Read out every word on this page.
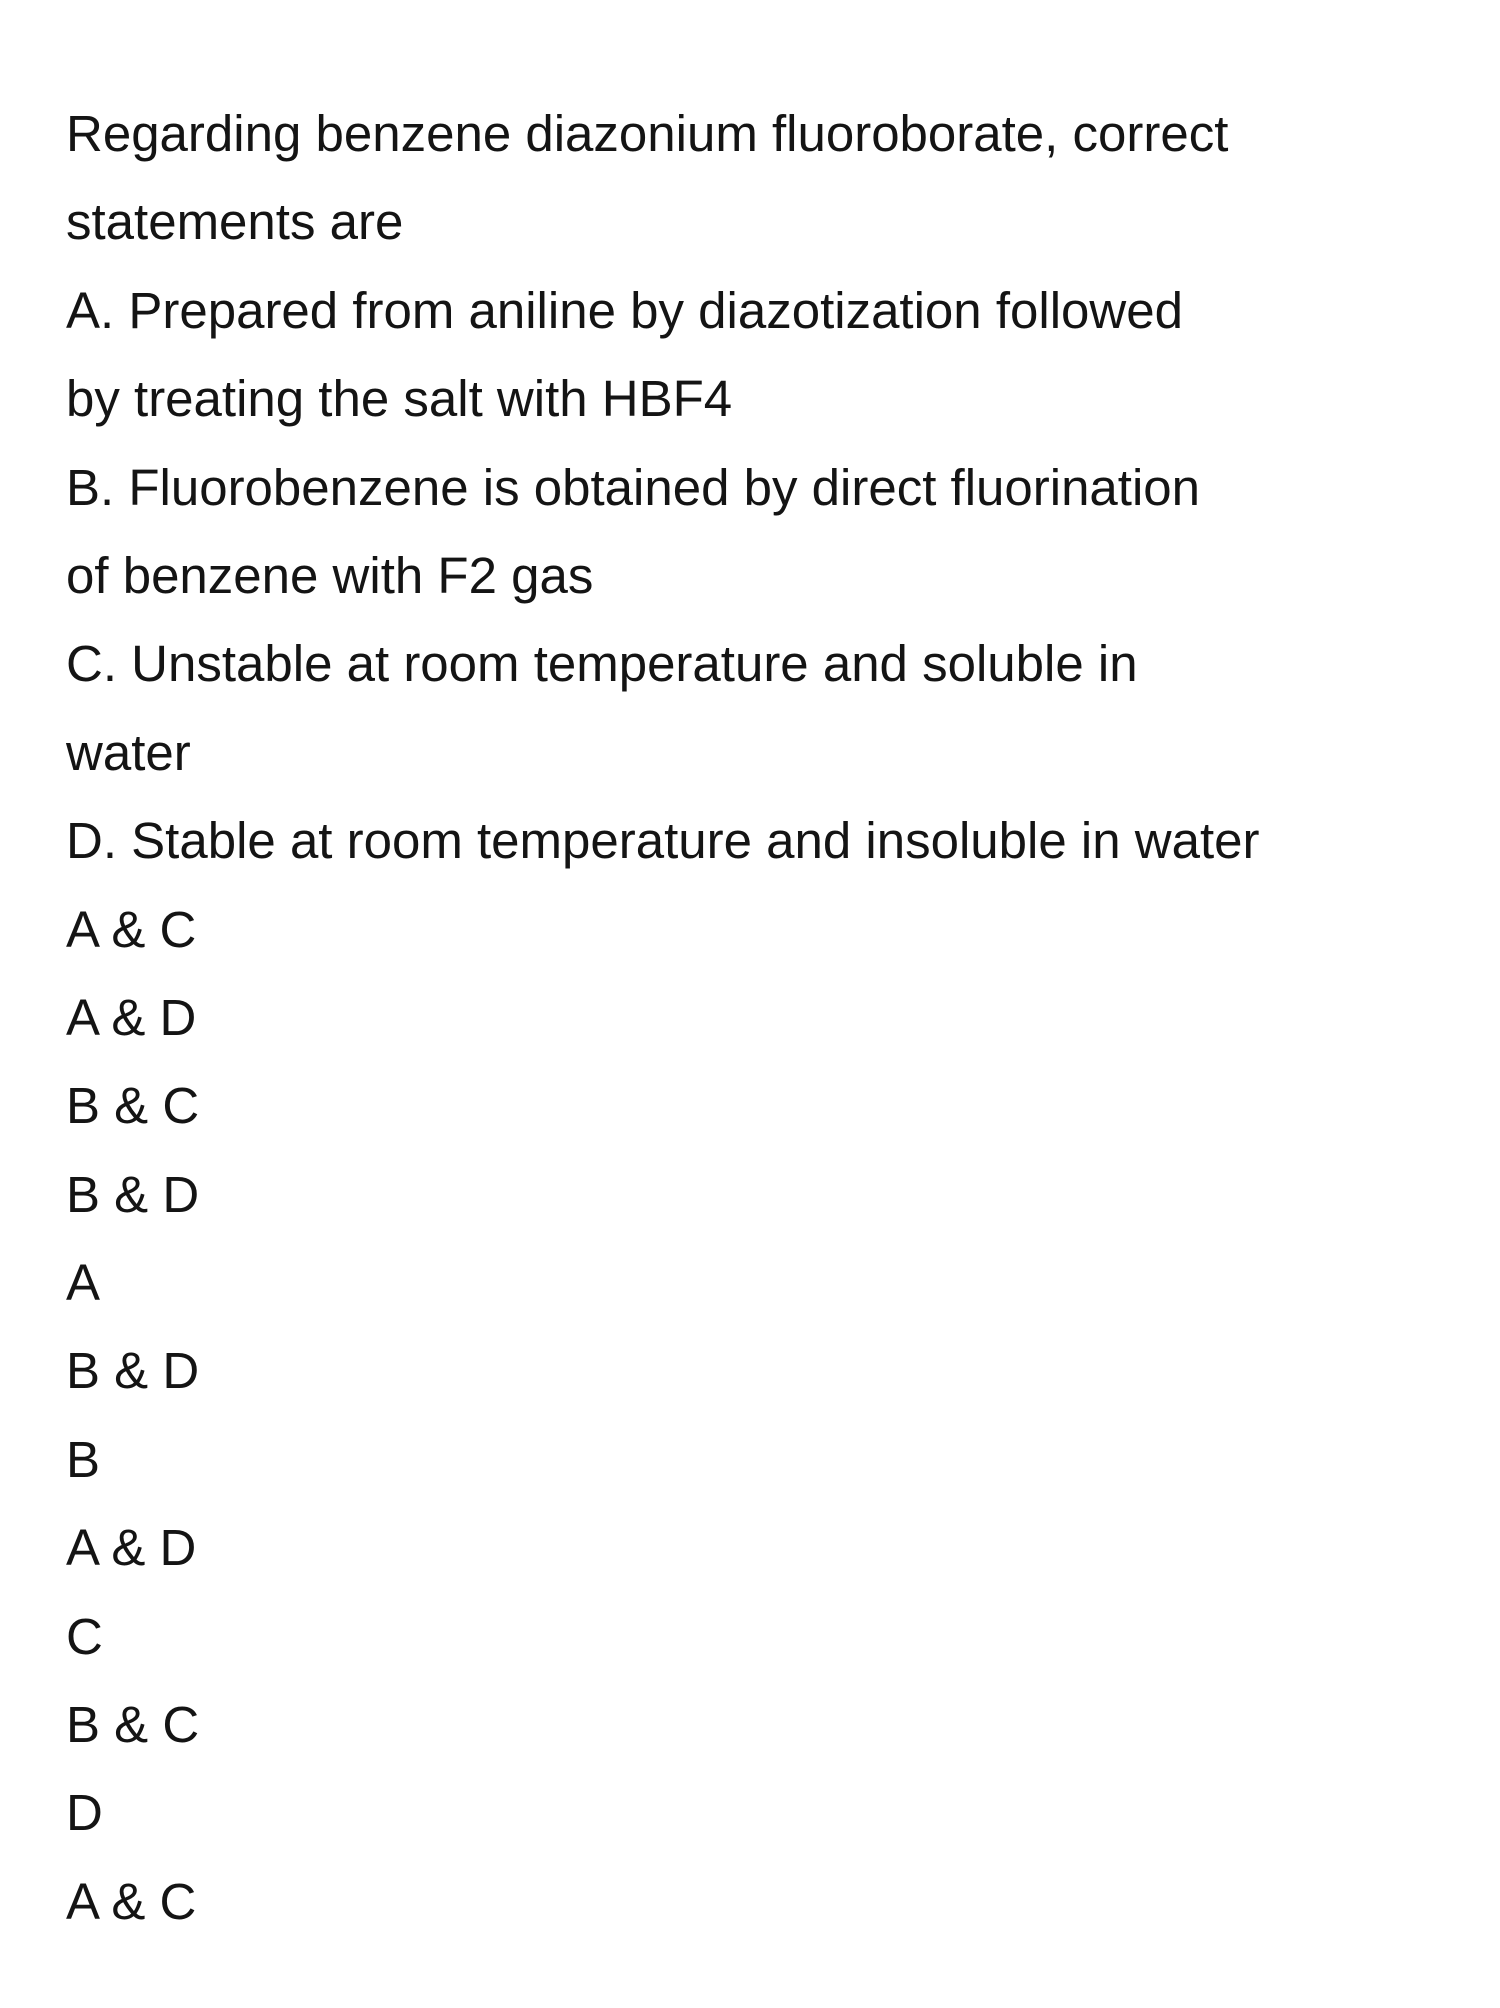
Regarding benzene diazonium fluoroborate, correct
statements are
A. Prepared from aniline by diazotization followed
by treating the salt with HBF4
B. Fluorobenzene is obtained by direct fluorination
of benzene with F2 gas
C. Unstable at room temperature and soluble in
water
D. Stable at room temperature and insoluble in water
A & C
A & D
B & C
B & D
A
B & D
B
A & D
C
B & C
D
A & C
